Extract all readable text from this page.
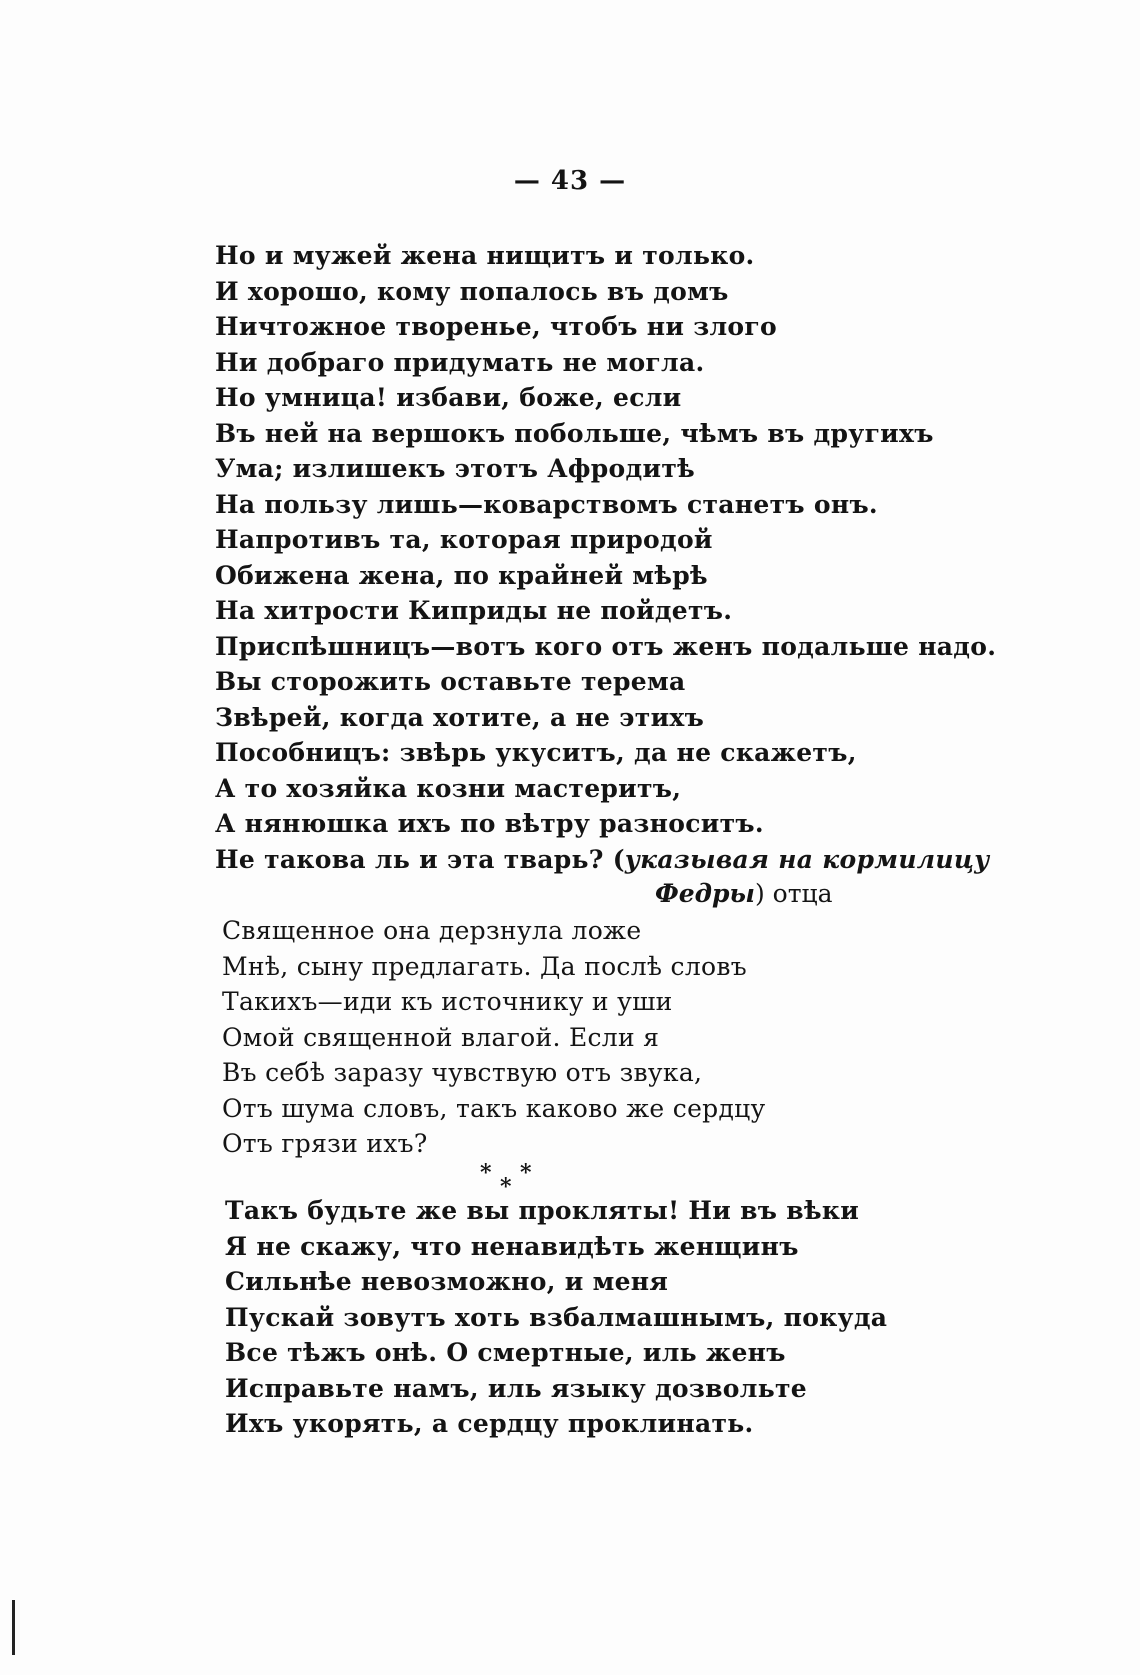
— 43 —
Но и мужей жена нищитъ и только.
И хорошо, кому попалось въ домъ
Ничтожное творенье, чтобъ ни злого
Ни добраго придумать не могла.
Но умница! избави, боже, если
Въ ней на вершокъ побольше, чѣмъ въ другихъ
Ума; излишекъ этотъ Афродитѣ
На пользу лишь—коварствомъ станетъ онъ.
Напротивъ та, которая природой
Обижена жена, по крайней мѣрѣ
На хитрости Киприды не пойдетъ.
Приспѣшницъ—вотъ кого отъ женъ подальше надо.
Вы сторожить оставьте терема
Звѣрей, когда хотите, а не этихъ
Пособницъ: звѣрь укуситъ, да не скажетъ,
А то хозяйка козни мастеритъ,
А нянюшка ихъ по вѣтру разноситъ.
Не такова ль и эта тварь? (указывая на кормилицу
Федры) отца
Священное она дерзнула ложе
Мнѣ, сыну предлагать. Да послѣ словъ
Такихъ—иди къ источнику и уши
Омой священной влагой. Если я
Въ себѣ заразу чувствую отъ звука,
Отъ шума словъ, такъ каково же сердцу
Отъ грязи ихъ?
* *
*
Такъ будьте же вы прокляты! Ни въ вѣки
Я не скажу, что ненавидѣть женщинъ
Сильнѣе невозможно, и меня
Пускай зовутъ хоть взбалмашнымъ, покуда
Все тѣжъ онѣ. О смертные, иль женъ
Исправьте намъ, иль языку дозвольте
Ихъ укорять, а сердцу проклинать.
